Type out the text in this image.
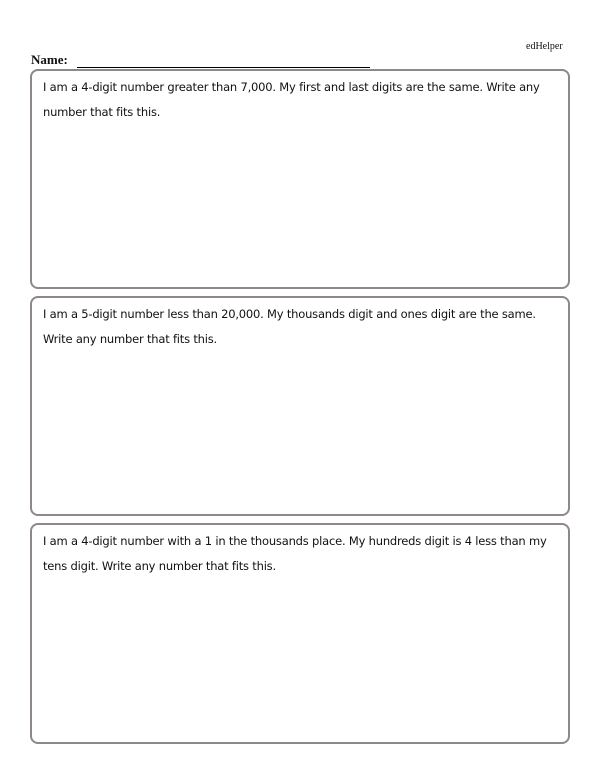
edHelper
Name:

I am a 4-digit number greater than 7,000. My first and last digits are the same. Write any number that fits this.

I am a 5-digit number less than 20,000. My thousands digit and ones digit are the same. Write any number that fits this.

I am a 4-digit number with a 1 in the thousands place. My hundreds digit is 4 less than my tens digit. Write any number that fits this.
